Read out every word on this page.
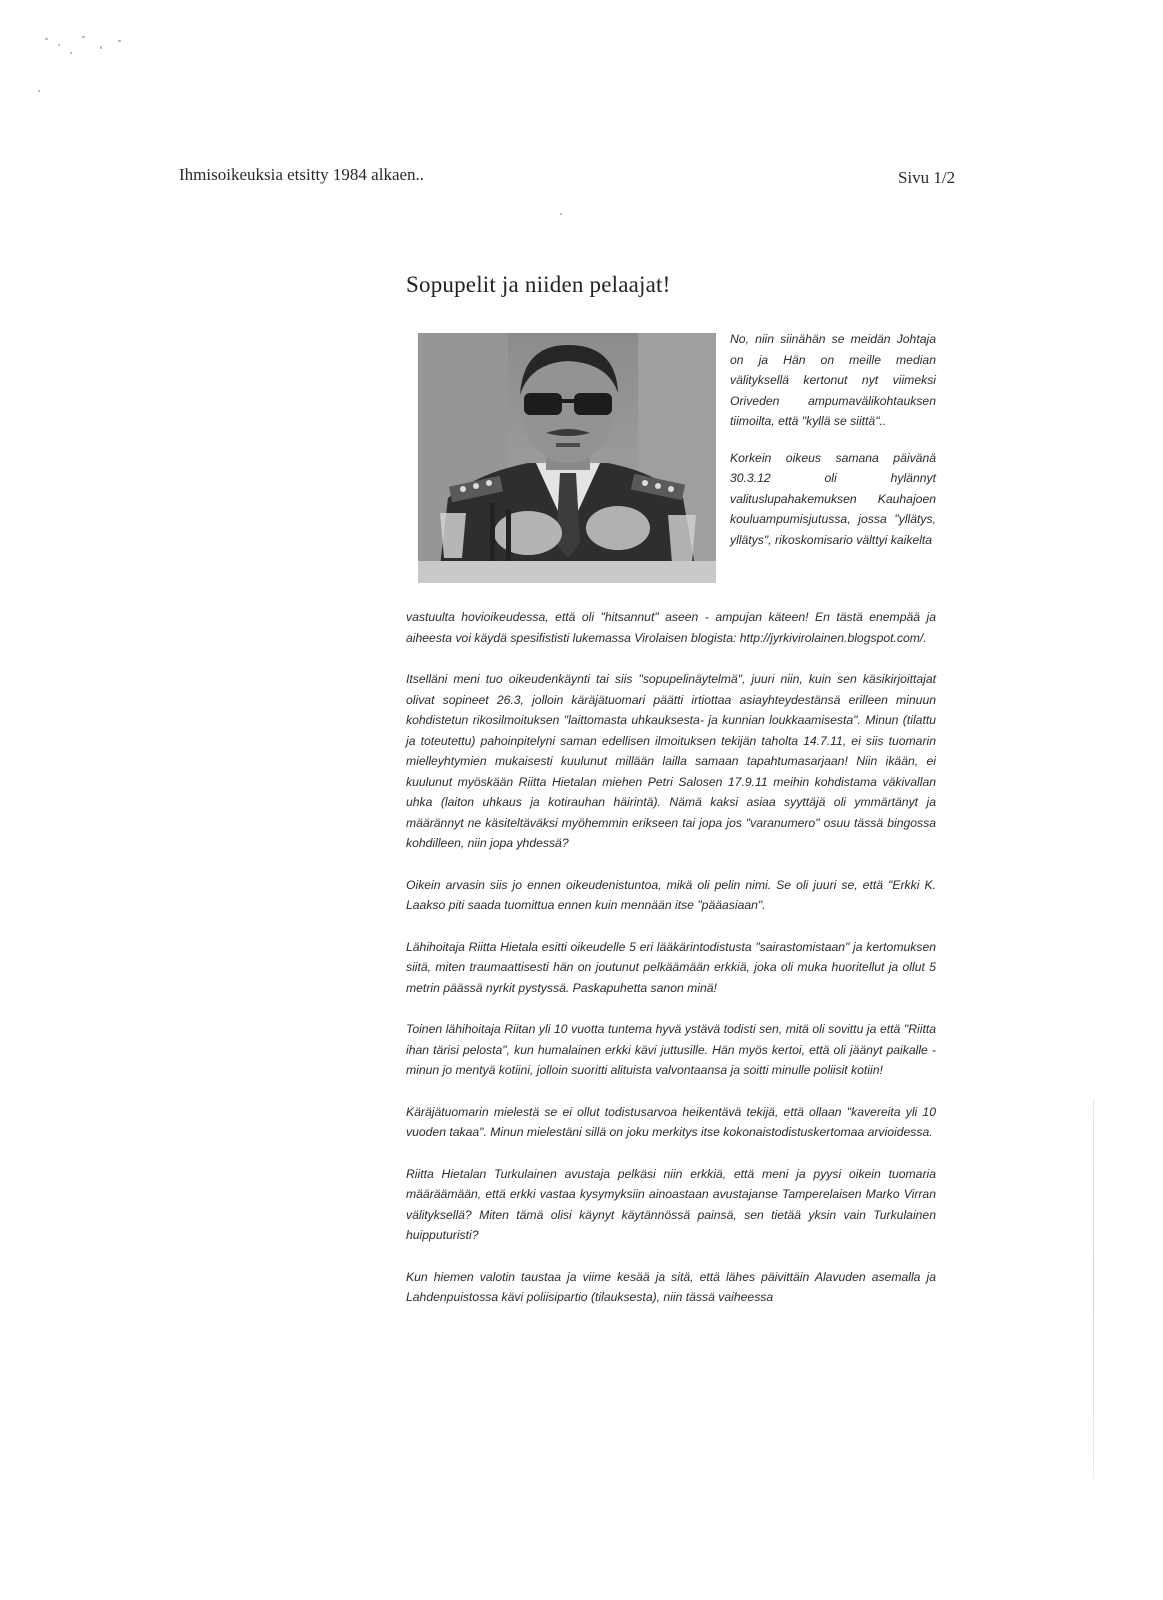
Ihmisoikeuksia etsitty 1984 alkaen..	Sivu 1/2
Sopupelit ja niiden pelaajat!

No, niin siinähän se meidän Johtaja on ja Hän on meille median välityksellä kertonut nyt viimeksi Oriveden ampumavälikohtauksen tiimoilta, että "kyllä se siittä"..

Korkein oikeus samana päivänä 30.3.12 oli hylännyt valituslupahakemuksen Kauhajoen kouluampumisjutussa, jossa "yllätys, yllätys", rikoskomisario välttyi kaikelta

vastuulta hovioikeudessa, että oli "hitsannut" aseen - ampujan käteen! En tästä enempää ja aiheesta voi käydä spesifististi lukemassa Virolaisen blogista: http://jyrkivirolainen.blogspot.com/.

Itselläni meni tuo oikeudenkäynti tai siis "sopupelinäytelmä", juuri niin, kuin sen käsikirjoittajat olivat sopineet 26.3, jolloin käräjätuomari päätti irtiottaa asiayhteydestänsä erilleen minuun kohdistetun rikosilmoituksen "laittomasta uhkauksesta- ja kunnian loukkaamisesta". Minun (tilattu ja toteutettu) pahoinpitelyni saman edellisen ilmoituksen tekijän taholta 14.7.11, ei siis tuomarin mielleyhtymien mukaisesti kuulunut millään lailla samaan tapahtumasarjaan! Niin ikään, ei kuulunut myöskään Riitta Hietalan miehen Petri Salosen 17.9.11 meihin kohdistama väkivallan uhka (laiton uhkaus ja kotirauhan häirintä). Nämä kaksi asiaa syyttäjä oli ymmärtänyt ja määrännyt ne käsiteltäväksi myöhemmin erikseen tai jopa jos "varanumero" osuu tässä bingossa kohdilleen, niin jopa yhdessä?

Oikein arvasin siis jo ennen oikeudenistuntoa, mikä oli pelin nimi. Se oli juuri se, että "Erkki K. Laakso piti saada tuomittua ennen kuin mennään itse "pääasiaan".

Lähihoitaja Riitta Hietala esitti oikeudelle 5 eri lääkärintodistusta "sairastomistaan" ja kertomuksen siitä, miten traumaattisesti hän on joutunut pelkäämään erkkiä, joka oli muka huoritellut ja ollut 5 metrin päässä nyrkit pystyssä. Paskapuhetta sanon minä!

Toinen lähihoitaja Riitan yli 10 vuotta tuntema hyvä ystävä todisti sen, mitä oli sovittu ja että "Riitta ihan tärisi pelosta", kun humalainen erkki kävi juttusille. Hän myös kertoi, että oli jäänyt paikalle - minun jo mentyä kotiini, jolloin suoritti alituista valvontaansa ja soitti minulle poliisit kotiin!

Käräjätuomarin mielestä se ei ollut todistusarvoa heikentävä tekijä, että ollaan "kavereita yli 10 vuoden takaa". Minun mielestäni sillä on joku merkitys itse kokonaistodistuskertomaa arvioidessa.

Riitta Hietalan Turkulainen avustaja pelkäsi niin erkkiä, että meni ja pyysi oikein tuomaria määräämään, että erkki vastaa kysymyksiin ainoastaan avustajanse Tamperelaisen Marko Virran välityksellä? Miten tämä olisi käynyt käytännössä painsä, sen tietää yksin vain Turkulainen huipputuristi?

Kun hiemen valotin taustaa ja viime kesää ja sitä, että lähes päivittäin Alavuden asemalla ja Lahdenpuistossa kävi poliisipartio (tilauksesta), niin tässä vaiheessa
